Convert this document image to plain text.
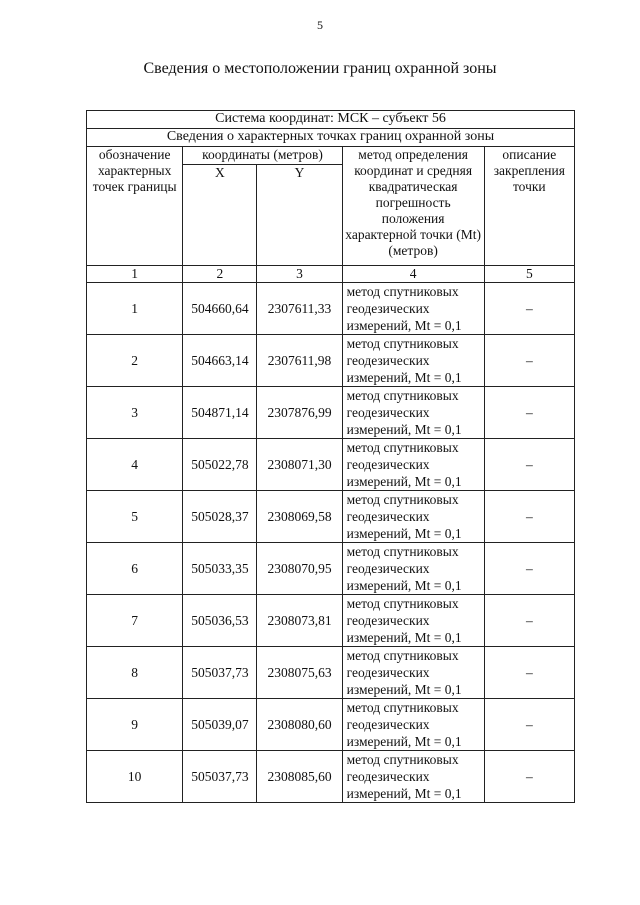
5
Сведения о местоположении границ охранной зоны
Система координат: МСК – субъект 56				
Сведения о характерных точках границ охранной зоны				
обозначение характерных точек границы	координаты (метров)		метод определения координат и средняя квадратическая погрешность положения характерной точки (Mt) (метров)	описание закрепления точки
	X	Y		
1	2	3	4	5
1	504660,64	2307611,33	метод спутниковых
геодезических
измерений, Mt = 0,1	–
2	504663,14	2307611,98	метод спутниковых
геодезических
измерений, Mt = 0,1	–
3	504871,14	2307876,99	метод спутниковых
геодезических
измерений, Mt = 0,1	–
4	505022,78	2308071,30	метод спутниковых
геодезических
измерений, Mt = 0,1	–
5	505028,37	2308069,58	метод спутниковых
геодезических
измерений, Mt = 0,1	–
6	505033,35	2308070,95	метод спутниковых
геодезических
измерений, Mt = 0,1	–
7	505036,53	2308073,81	метод спутниковых
геодезических
измерений, Mt = 0,1	–
8	505037,73	2308075,63	метод спутниковых
геодезических
измерений, Mt = 0,1	–
9	505039,07	2308080,60	метод спутниковых
геодезических
измерений, Mt = 0,1	–
10	505037,73	2308085,60	метод спутниковых
геодезических
измерений, Mt = 0,1	–
